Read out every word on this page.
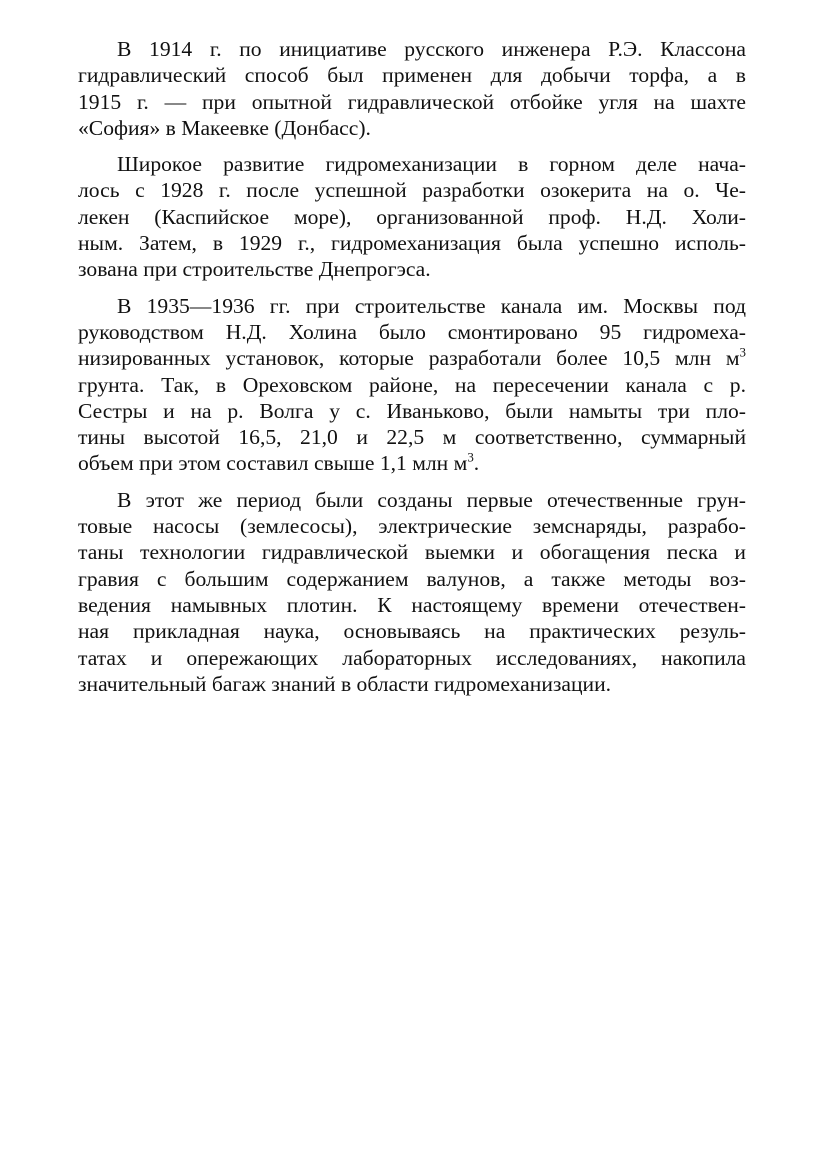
В 1914 г. по инициативе русского инженера Р.Э. Классона
гидравлический способ был применен для добычи торфа, а в
1915 г. — при опытной гидравлической отбойке угля на шахте
«София» в Макеевке (Донбасс).
Широкое развитие гидромеханизации в горном деле нача-
лось с 1928 г. после успешной разработки озокерита на о. Че-
лекен (Каспийское море), организованной проф. Н.Д. Холи-
ным. Затем, в 1929 г., гидромеханизация была успешно исполь-
зована при строительстве Днепрогэса.
В 1935—1936 гг. при строительстве канала им. Москвы под
руководством Н.Д. Холина было смонтировано 95 гидромеха-
низированных установок, которые разработали более 10,5 млн $м^3$
грунта. Так, в Ореховском районе, на пересечении канала с р.
Сестры и на р. Волга у с. Иваньково, были намыты три пло-
тины высотой 16,5, 21,0 и 22,5 м соответственно, суммарный
объем при этом составил свыше 1,1 млн $м^3$.
В этот же период были созданы первые отечественные грун-
товые насосы (землесосы), электрические земснаряды, разрабо-
таны технологии гидравлической выемки и обогащения песка и
гравия с большим содержанием валунов, а также методы воз-
ведения намывных плотин. К настоящему времени отечествен-
ная прикладная наука, основываясь на практических резуль-
татах и опережающих лабораторных исследованиях, накопила
значительный багаж знаний в области гидромеханизации.
